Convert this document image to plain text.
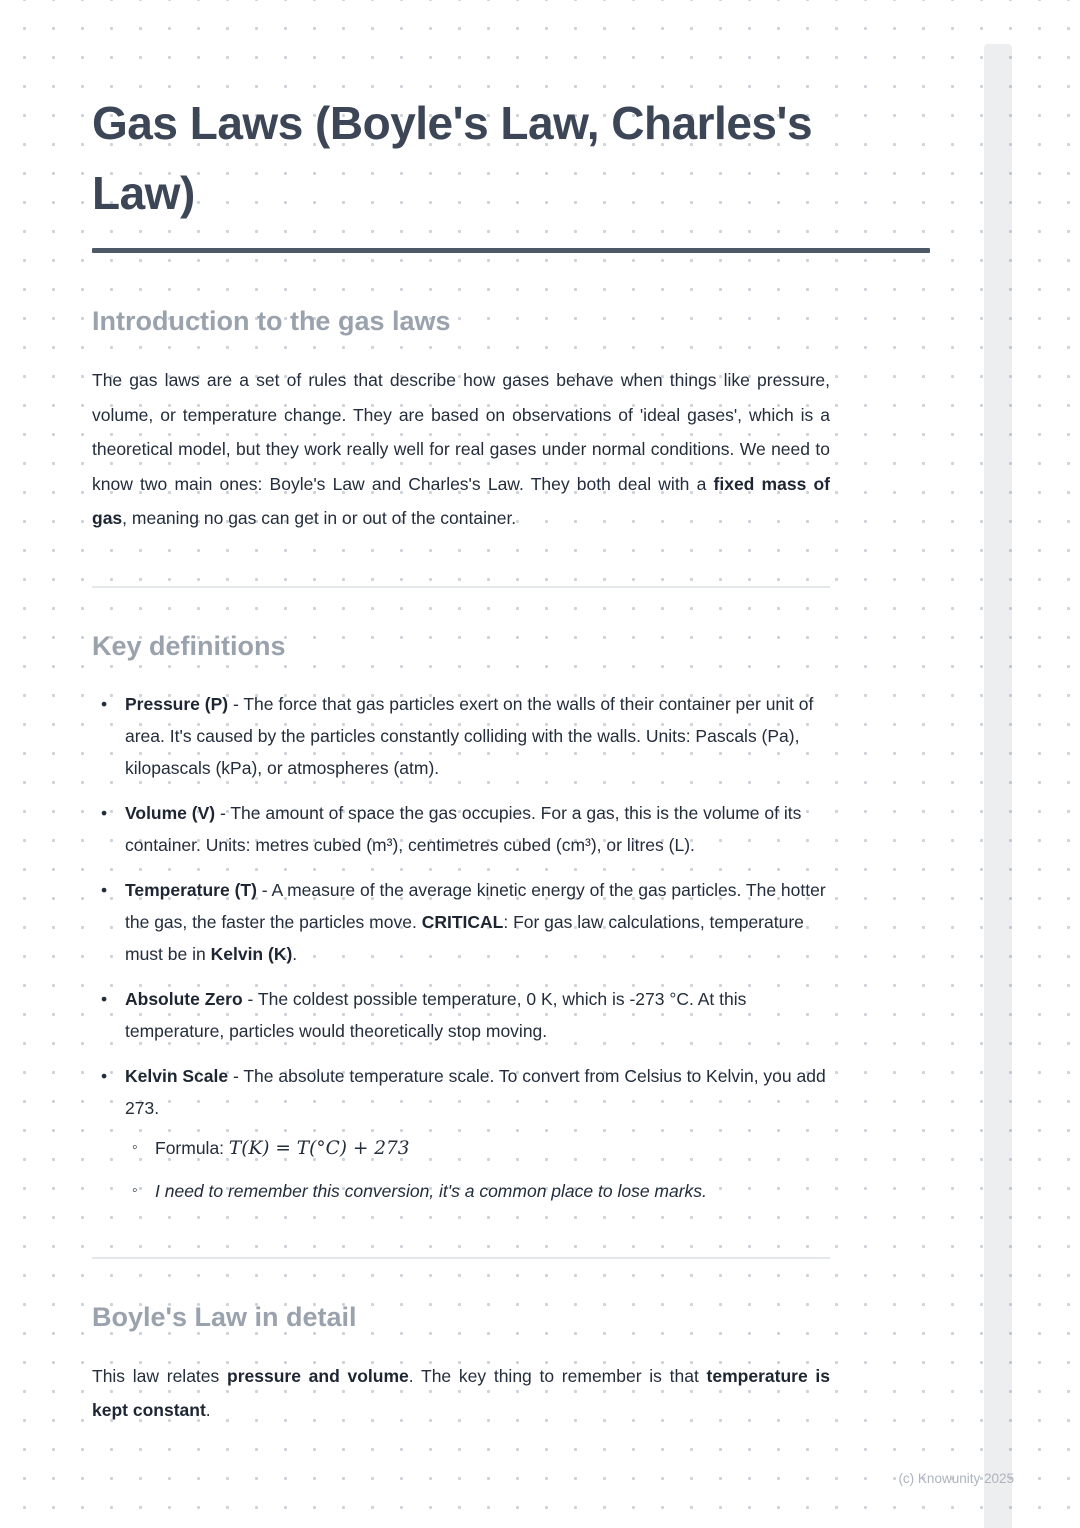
Gas Laws (Boyle's Law, Charles's Law)
Introduction to the gas laws

The gas laws are a set of rules that describe how gases behave when things like pressure, volume, or temperature change. They are based on observations of 'ideal gases', which is a theoretical model, but they work really well for real gases under normal conditions. We need to know two main ones: Boyle's Law and Charles's Law. They both deal with a fixed mass of gas, meaning no gas can get in or out of the container.

Key definitions
• Pressure (P) - The force that gas particles exert on the walls of their container per unit of area. It's caused by the particles constantly colliding with the walls. Units: Pascals (Pa), kilopascals (kPa), or atmospheres (atm).
• Volume (V) - The amount of space the gas occupies. For a gas, this is the volume of its container. Units: metres cubed (m³), centimetres cubed (cm³), or litres (L).
• Temperature (T) - A measure of the average kinetic energy of the gas particles. The hotter the gas, the faster the particles move. CRITICAL: For gas law calculations, temperature must be in Kelvin (K).
• Absolute Zero - The coldest possible temperature, 0 K, which is -273 °C. At this temperature, particles would theoretically stop moving.
• Kelvin Scale - The absolute temperature scale. To convert from Celsius to Kelvin, you add 273.
◦ Formula: T(K) = T(°C) + 273
◦ I need to remember this conversion, it's a common place to lose marks.
Boyle's Law in detail

This law relates pressure and volume. The key thing to remember is that temperature is kept constant.

(c) Knowunity 2025
